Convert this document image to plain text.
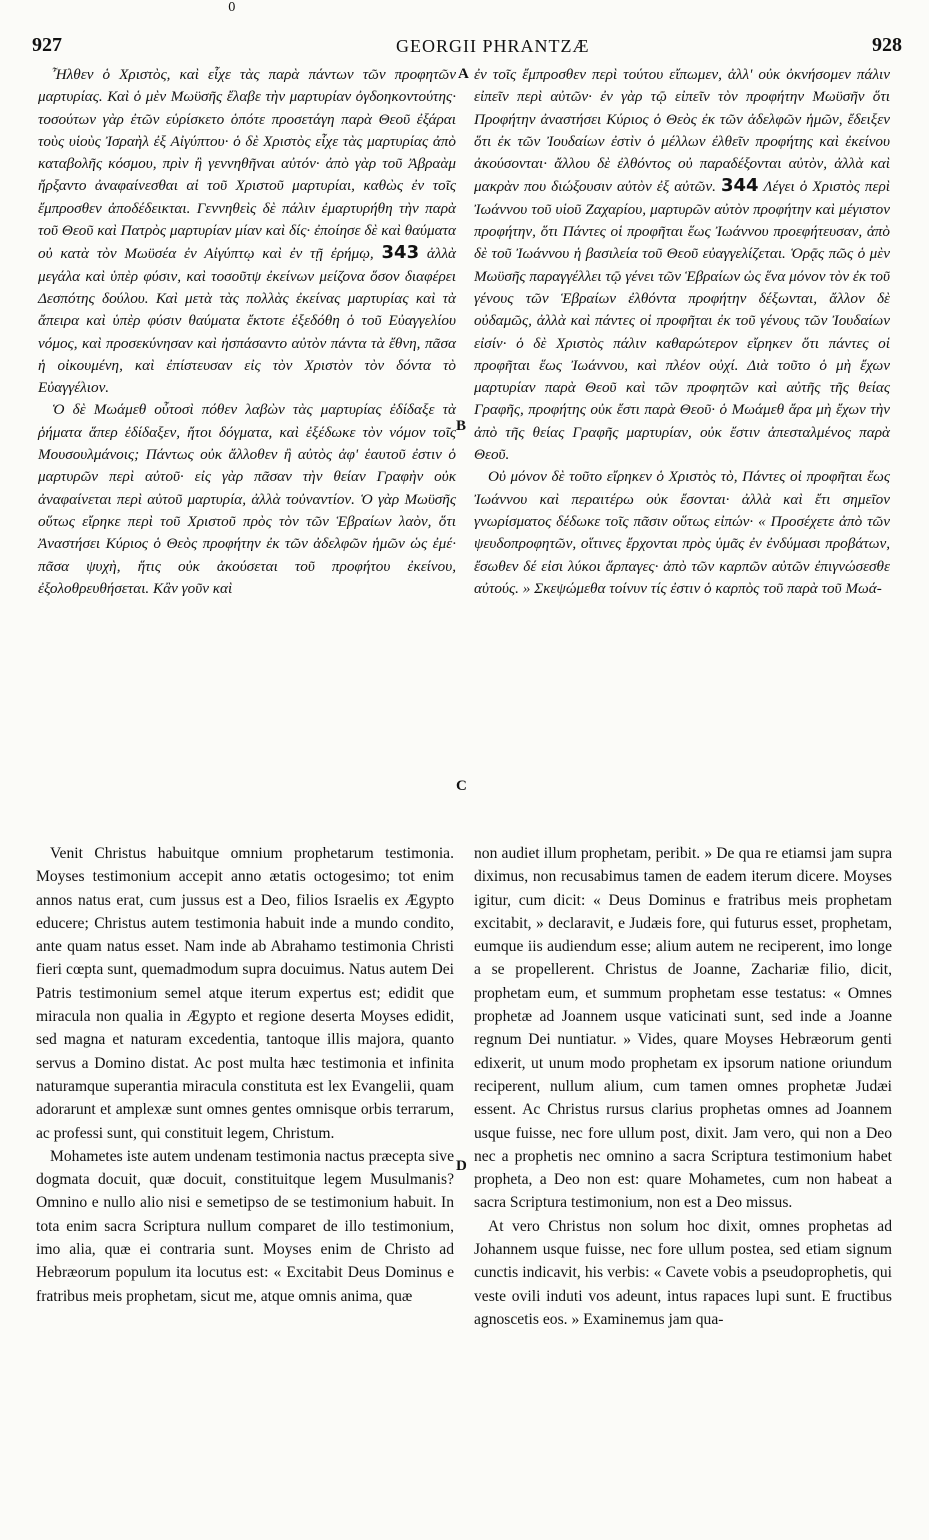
0
927	GEORGII PHRANTZÆ	928
A
B
C
D

Ἦλθεν ὁ Χριστὸς, καὶ εἶχε τὰς παρὰ πάντων τῶν προφητῶν μαρτυρίας. Καὶ ὁ μὲν Μωϋσῆς ἔλαβε τὴν μαρτυρίαν ὀγδοηκοντούτης· τοσούτων γὰρ ἐτῶν εὑρίσκετο ὁπότε προσετάγη παρὰ Θεοῦ ἐξάραι τοὺς υἱοὺς Ἰσραὴλ ἐξ Αἰγύπτου· ὁ δὲ Χριστὸς εἶχε τὰς μαρτυρίας ἀπὸ καταβολῆς κόσμου, πρὶν ἢ γεννηθῆναι αὐτόν· ἀπὸ γὰρ τοῦ Ἀβραὰμ ἤρξαντο ἀναφαίνεσθαι αἱ τοῦ Χριστοῦ μαρτυρίαι, καθὼς ἐν τοῖς ἔμπροσθεν ἀποδέδεικται. Γεννηθεὶς δὲ πάλιν ἐμαρτυρήθη τὴν παρὰ τοῦ Θεοῦ καὶ Πατρὸς μαρτυρίαν μίαν καὶ δίς· ἐποίησε δὲ καὶ θαύματα οὐ κατὰ τὸν Μωϋσέα ἐν Αἰγύπτῳ καὶ ἐν τῇ ἐρήμῳ, 343 ἀλλὰ μεγάλα καὶ ὑπὲρ φύσιν, καὶ τοσοῦτψ ἐκείνων μείζονα ὅσον διαφέρει Δεσπότης δούλου. Καὶ μετὰ τὰς πολλὰς ἐκείνας μαρτυρίας καὶ τὰ ἄπειρα καὶ ὑπὲρ φύσιν θαύματα ἔκτοτε ἐξεδόθη ὁ τοῦ Εὐαγγελίου νόμος, καὶ προσεκύνησαν καὶ ἠσπάσαντο αὐτὸν πάντα τὰ ἔθνη, πᾶσα ἡ οἰκουμένη, καὶ ἐπίστευσαν εἰς τὸν Χριστὸν τὸν δόντα τὸ Εὐαγγέλιον.

Ὁ δὲ Μωάμεθ οὗτοσὶ πόθεν λαβὼν τὰς μαρτυρίας ἐδίδαξε τὰ ῥήματα ἅπερ ἐδίδαξεν, ἤτοι δόγματα, καὶ ἐξέδωκε τὸν νόμον τοῖς Μουσουλμάνοις; Πάντως οὐκ ἄλλοθεν ἢ αὐτὸς ἀφ' ἑαυτοῦ ἐστιν ὁ μαρτυρῶν περὶ αὐτοῦ· εἰς γὰρ πᾶσαν τὴν θείαν Γραφὴν οὐκ ἀναφαίνεται περὶ αὐτοῦ μαρτυρία, ἀλλὰ τοὐναντίον. Ὁ γὰρ Μωϋσῆς οὕτως εἴρηκε περὶ τοῦ Χριστοῦ πρὸς τὸν τῶν Ἑβραίων λαὸν, ὅτι Ἀναστήσει Κύριος ὁ Θεὸς προφήτην ἐκ τῶν ἀδελφῶν ἡμῶν ὡς ἐμέ· πᾶσα ψυχὴ, ἥτις οὐκ ἀκούσεται τοῦ προφήτου ἐκείνου, ἐξολοθρευθήσεται. Κἂν γοῦν καὶ

ἐν τοῖς ἔμπροσθεν περὶ τούτου εἴπωμεν, ἀλλ' οὐκ ὀκνήσομεν πάλιν εἰπεῖν περὶ αὐτῶν· ἐν γὰρ τῷ εἰπεῖν τὸν προφήτην Μωϋσῆν ὅτι Προφήτην ἀναστήσει Κύριος ὁ Θεὸς ἐκ τῶν ἀδελφῶν ἡμῶν, ἔδειξεν ὅτι ἐκ τῶν Ἰουδαίων ἐστὶν ὁ μέλλων ἐλθεῖν προφήτης καὶ ἐκείνου ἀκούσονται· ἄλλου δὲ ἐλθόντος οὐ παραδέξονται αὐτὸν, ἀλλὰ καὶ μακρὰν που διώξουσιν αὐτὸν ἐξ αὐτῶν. 344 Λέγει ὁ Χριστὸς περὶ Ἰωάννου τοῦ υἱοῦ Ζαχαρίου, μαρτυρῶν αὐτὸν προφήτην καὶ μέγιστον προφήτην, ὅτι Πάντες οἱ προφῆται ἕως Ἰωάννου προεφήτευσαν, ἀπὸ δὲ τοῦ Ἰωάννου ἡ βασιλεία τοῦ Θεοῦ εὐαγγελίζεται. Ὁρᾷς πῶς ὁ μὲν Μωϋσῆς παραγγέλλει τῷ γένει τῶν Ἑβραίων ὡς ἕνα μόνον τὸν ἐκ τοῦ γένους τῶν Ἑβραίων ἐλθόντα προφήτην δέξωνται, ἄλλον δὲ οὐδαμῶς, ἀλλὰ καὶ πάντες οἱ προφῆται ἐκ τοῦ γένους τῶν Ἰουδαίων εἰσίν· ὁ δὲ Χριστὸς πάλιν καθαρώτερον εἴρηκεν ὅτι πάντες οἱ προφῆται ἕως Ἰωάννου, καὶ πλέον οὐχί. Διὰ τοῦτο ὁ μὴ ἔχων μαρτυρίαν παρὰ Θεοῦ καὶ τῶν προφητῶν καὶ αὐτῆς τῆς θείας Γραφῆς, προφήτης οὐκ ἔστι παρὰ Θεοῦ· ὁ Μωάμεθ ἄρα μὴ ἔχων τὴν ἀπὸ τῆς θείας Γραφῆς μαρτυρίαν, οὐκ ἔστιν ἀπεσταλμένος παρὰ Θεοῦ.

Οὐ μόνον δὲ τοῦτο εἴρηκεν ὁ Χριστὸς τὸ, Πάντες οἱ προφῆται ἕως Ἰωάννου καὶ περαιτέρω οὐκ ἔσονται· ἀλλὰ καὶ ἔτι σημεῖον γνωρίσματος δέδωκε τοῖς πᾶσιν οὕτως εἰπών· « Προσέχετε ἀπὸ τῶν ψευδοπροφητῶν, οἵτινες ἔρχονται πρὸς ὑμᾶς ἐν ἐνδύμασι προβάτων, ἔσωθεν δέ εἰσι λύκοι ἅρπαγες· ἀπὸ τῶν καρπῶν αὐτῶν ἐπιγνώσεσθε αὐτούς. » Σκεψώμεθα τοίνυν τίς ἐστιν ὁ καρπὸς τοῦ παρὰ τοῦ Μωά-

Venit Christus habuitque omnium prophetarum testimonia. Moyses testimonium accepit anno ætatis octogesimo; tot enim annos natus erat, cum jussus est a Deo, filios Israelis ex Ægypto educere; Christus autem testimonia habuit inde a mundo condito, ante quam natus esset. Nam inde ab Abrahamo testimonia Christi fieri cœpta sunt, quemadmodum supra docuimus. Natus autem Dei Patris testimonium semel atque iterum expertus est; edidit que miracula non qualia in Ægypto et regione deserta Moyses edidit, sed magna et naturam excedentia, tantoque illis majora, quanto servus a Domino distat. Ac post multa hæc testimonia et infinita naturamque superantia miracula constituta est lex Evangelii, quam adorarunt et amplexæ sunt omnes gentes omnisque orbis terrarum, ac professi sunt, qui constituit legem, Christum.

Mohametes iste autem undenam testimonia nactus præcepta sive dogmata docuit, quæ docuit, constituitque legem Musulmanis? Omnino e nullo alio nisi e semetipso de se testimonium habuit. In tota enim sacra Scriptura nullum comparet de illo testimonium, imo alia, quæ ei contraria sunt. Moyses enim de Christo ad Hebræorum populum ita locutus est: « Excitabit Deus Dominus e fratribus meis prophetam, sicut me, atque omnis anima, quæ

non audiet illum prophetam, peribit. » De qua re etiamsi jam supra diximus, non recusabimus tamen de eadem iterum dicere. Moyses igitur, cum dicit: « Deus Dominus e fratribus meis prophetam excitabit, » declaravit, e Judæis fore, qui futurus esset, prophetam, eumque iis audiendum esse; alium autem ne reciperent, imo longe a se propellerent. Christus de Joanne, Zachariæ filio, dicit, prophetam eum, et summum prophetam esse testatus: « Omnes prophetæ ad Joannem usque vaticinati sunt, sed inde a Joanne regnum Dei nuntiatur. » Vides, quare Moyses Hebræorum genti edixerit, ut unum modo prophetam ex ipsorum natione oriundum reciperent, nullum alium, cum tamen omnes prophetæ Judæi essent. Ac Christus rursus clarius prophetas omnes ad Joannem usque fuisse, nec fore ullum post, dixit. Jam vero, qui non a Deo nec a prophetis nec omnino a sacra Scriptura testimonium habet propheta, a Deo non est: quare Mohametes, cum non habeat a sacra Scriptura testimonium, non est a Deo missus.

At vero Christus non solum hoc dixit, omnes prophetas ad Johannem usque fuisse, nec fore ullum postea, sed etiam signum cunctis indicavit, his verbis: « Cavete vobis a pseudoprophetis, qui veste ovili induti vos adeunt, intus rapaces lupi sunt. E fructibus agnoscetis eos. » Examinemus jam qua-
